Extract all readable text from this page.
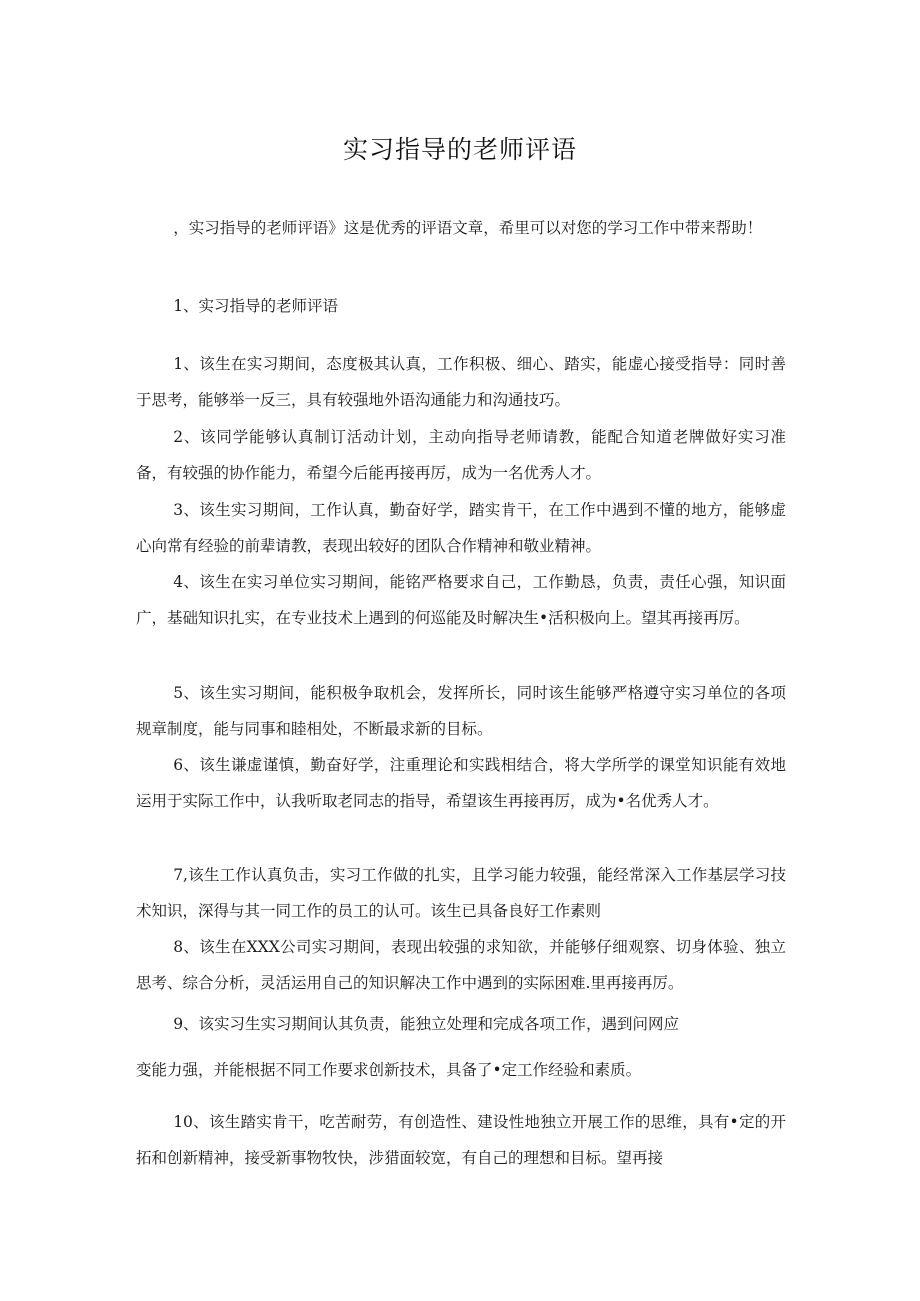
实习指导的老师评语

，实习指导的老师评语》这是优秀的评语文章，希里可以对您的学习工作中带来帮助！

1、实习指导的老师评语

1、该生在实习期间，态度极其认真，工作积极、细心、踏实，能虚心接受指导：同时善于思考，能够举一反三，具有较强地外语沟通能力和沟通技巧。

2、该同学能够认真制订活动计划，主动向指导老师请教，能配合知道老牌做好实习准备，有较强的协作能力，希望今后能再接再厉，成为一名优秀人才。

3、该生实习期间，工作认真，勤奋好学，踏实肯干，在工作中遇到不懂的地方，能够虚心向常有经验的前辈请教，表现出较好的团队合作精神和敬业精神。

4、该生在实习单位实习期间，能铭严格要求自己，工作勤恳，负责，责任心强，知识面广，基础知识扎实，在专业技术上遇到的何巡能及时解决生•活积极向上。望其再接再厉。

5、该生实习期间，能积极争取机会，发挥所长，同时该生能够严格遵守实习单位的各项规章制度，能与同事和睦相处，不断最求新的目标。

6、该生谦虚谨慎，勤奋好学，注重理论和实践相结合，将大学所学的课堂知识能有效地运用于实际工作中，认我听取老同志的指导，希望该生再接再厉，成为•名优秀人才。

7,该生工作认真负击，实习工作做的扎实，且学习能力较强，能经常深入工作基层学习技术知识，深得与其一同工作的员工的认可。该生已具备良好工作素则

8、该生在XXX公司实习期间，表现出较强的求知欲，并能够仔细观察、切身体验、独立思考、综合分析，灵活运用自己的知识解决工作中遇到的实际困难.里再接再厉。

9、该实习生实习期间认其负责，能独立处理和完成各项工作，遇到问网应

变能力强，并能根据不同工作要求创新技术，具备了•定工作经验和素质。

10、该生踏实肯干，吃苦耐劳，有创造性、建设性地独立开展工作的思维，具有•定的开拓和创新精神，接受新事物牧快，涉猎面较宽，有自己的理想和目标。望再接
